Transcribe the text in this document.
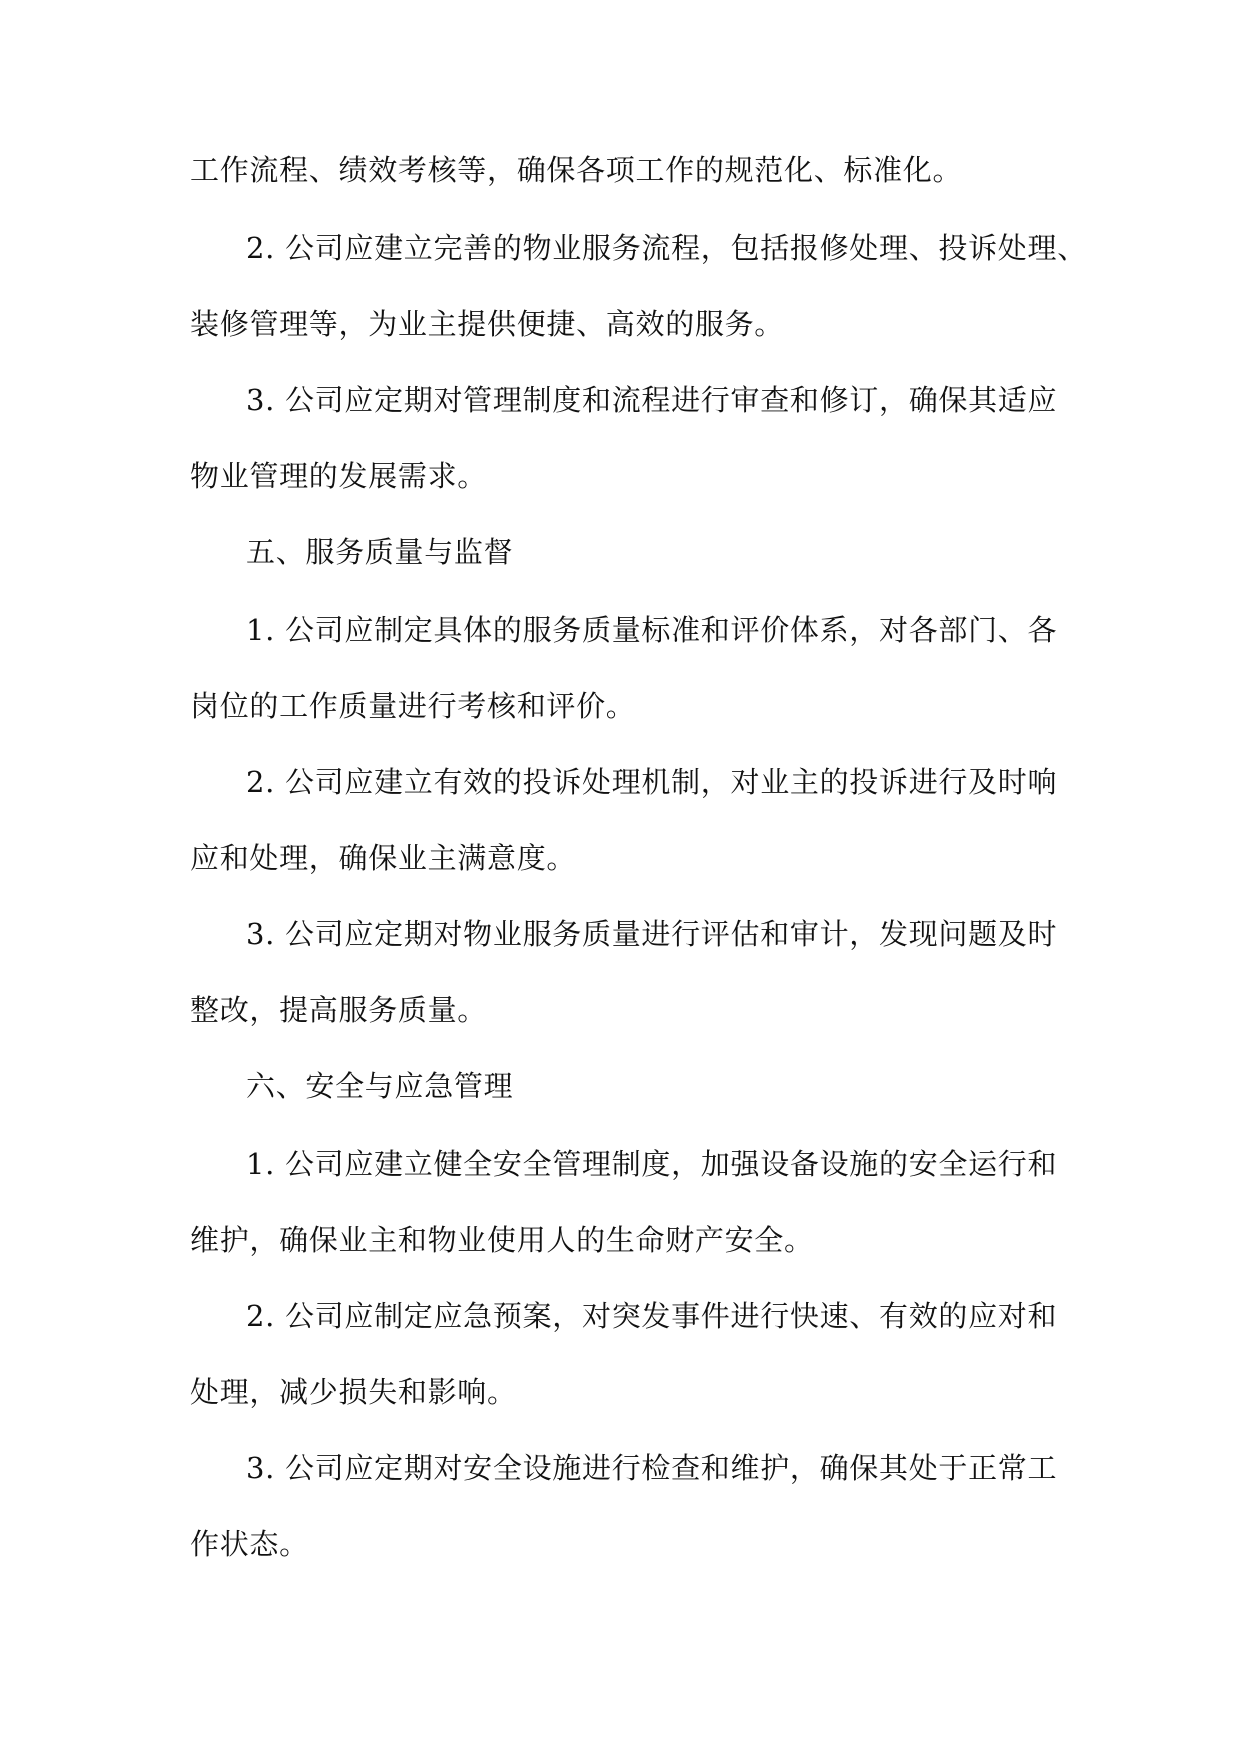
工作流程、绩效考核等，确保各项工作的规范化、标准化。
2. 公司应建立完善的物业服务流程，包括报修处理、投诉处理、
装修管理等，为业主提供便捷、高效的服务。
3. 公司应定期对管理制度和流程进行审查和修订，确保其适应
物业管理的发展需求。
五、服务质量与监督
1. 公司应制定具体的服务质量标准和评价体系，对各部门、各
岗位的工作质量进行考核和评价。
2. 公司应建立有效的投诉处理机制，对业主的投诉进行及时响
应和处理，确保业主满意度。
3. 公司应定期对物业服务质量进行评估和审计，发现问题及时
整改，提高服务质量。
六、安全与应急管理
1. 公司应建立健全安全管理制度，加强设备设施的安全运行和
维护，确保业主和物业使用人的生命财产安全。
2. 公司应制定应急预案，对突发事件进行快速、有效的应对和
处理，减少损失和影响。
3. 公司应定期对安全设施进行检查和维护，确保其处于正常工
作状态。
